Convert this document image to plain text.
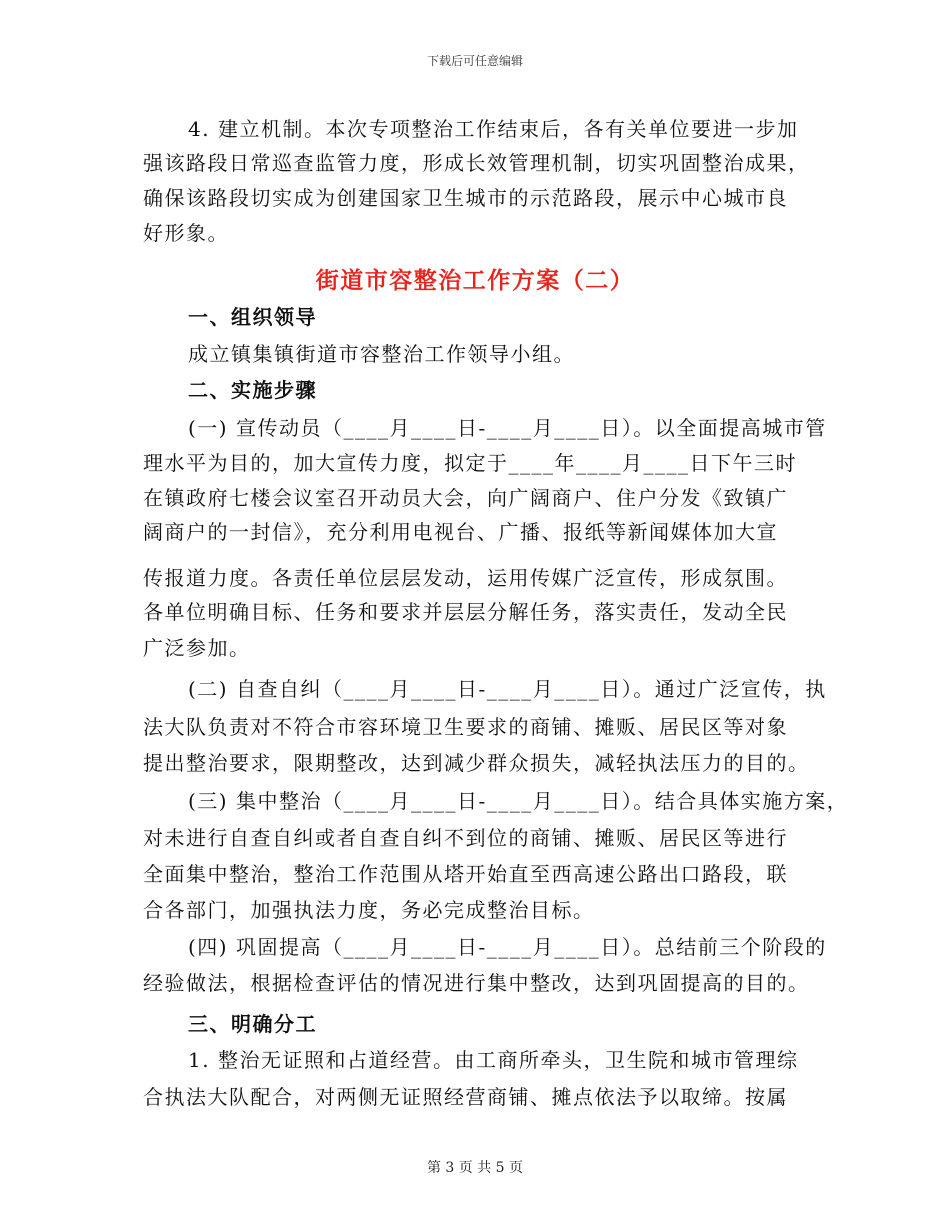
下载后可任意编辑
4. 建立机制。本次专项整治工作结束后，各有关单位要进一步加
强该路段日常巡查监管力度，形成长效管理机制，切实巩固整治成果，
确保该路段切实成为创建国家卫生城市的示范路段，展示中心城市良
好形象。
街道市容整治工作方案（二）
一、组织领导
成立镇集镇街道市容整治工作领导小组。
二、实施步骤
(一) 宣传动员（____月____日-____月____日）。以全面提高城市管
理水平为目的，加大宣传力度，拟定于____年____月____日下午三时
在镇政府七楼会议室召开动员大会，向广阔商户、住户分发《致镇广
阔商户的一封信》，充分利用电视台、广播、报纸等新闻媒体加大宣
传报道力度。各责任单位层层发动，运用传媒广泛宣传，形成氛围。
各单位明确目标、任务和要求并层层分解任务，落实责任，发动全民
广泛参加。
(二) 自查自纠（____月____日-____月____日）。通过广泛宣传，执
法大队负责对不符合市容环境卫生要求的商铺、摊贩、居民区等对象
提出整治要求，限期整改，达到减少群众损失，减轻执法压力的目的。
(三) 集中整治（____月____日-____月____日）。结合具体实施方案，
对未进行自查自纠或者自查自纠不到位的商铺、摊贩、居民区等进行
全面集中整治，整治工作范围从塔开始直至西高速公路出口路段，联
合各部门，加强执法力度，务必完成整治目标。
(四) 巩固提高（____月____日-____月____日）。总结前三个阶段的
经验做法，根据检查评估的情况进行集中整改，达到巩固提高的目的。
三、明确分工
1. 整治无证照和占道经营。由工商所牵头，卫生院和城市管理综
合执法大队配合，对两侧无证照经营商铺、摊点依法予以取缔。按属
第 3 页 共 5 页
